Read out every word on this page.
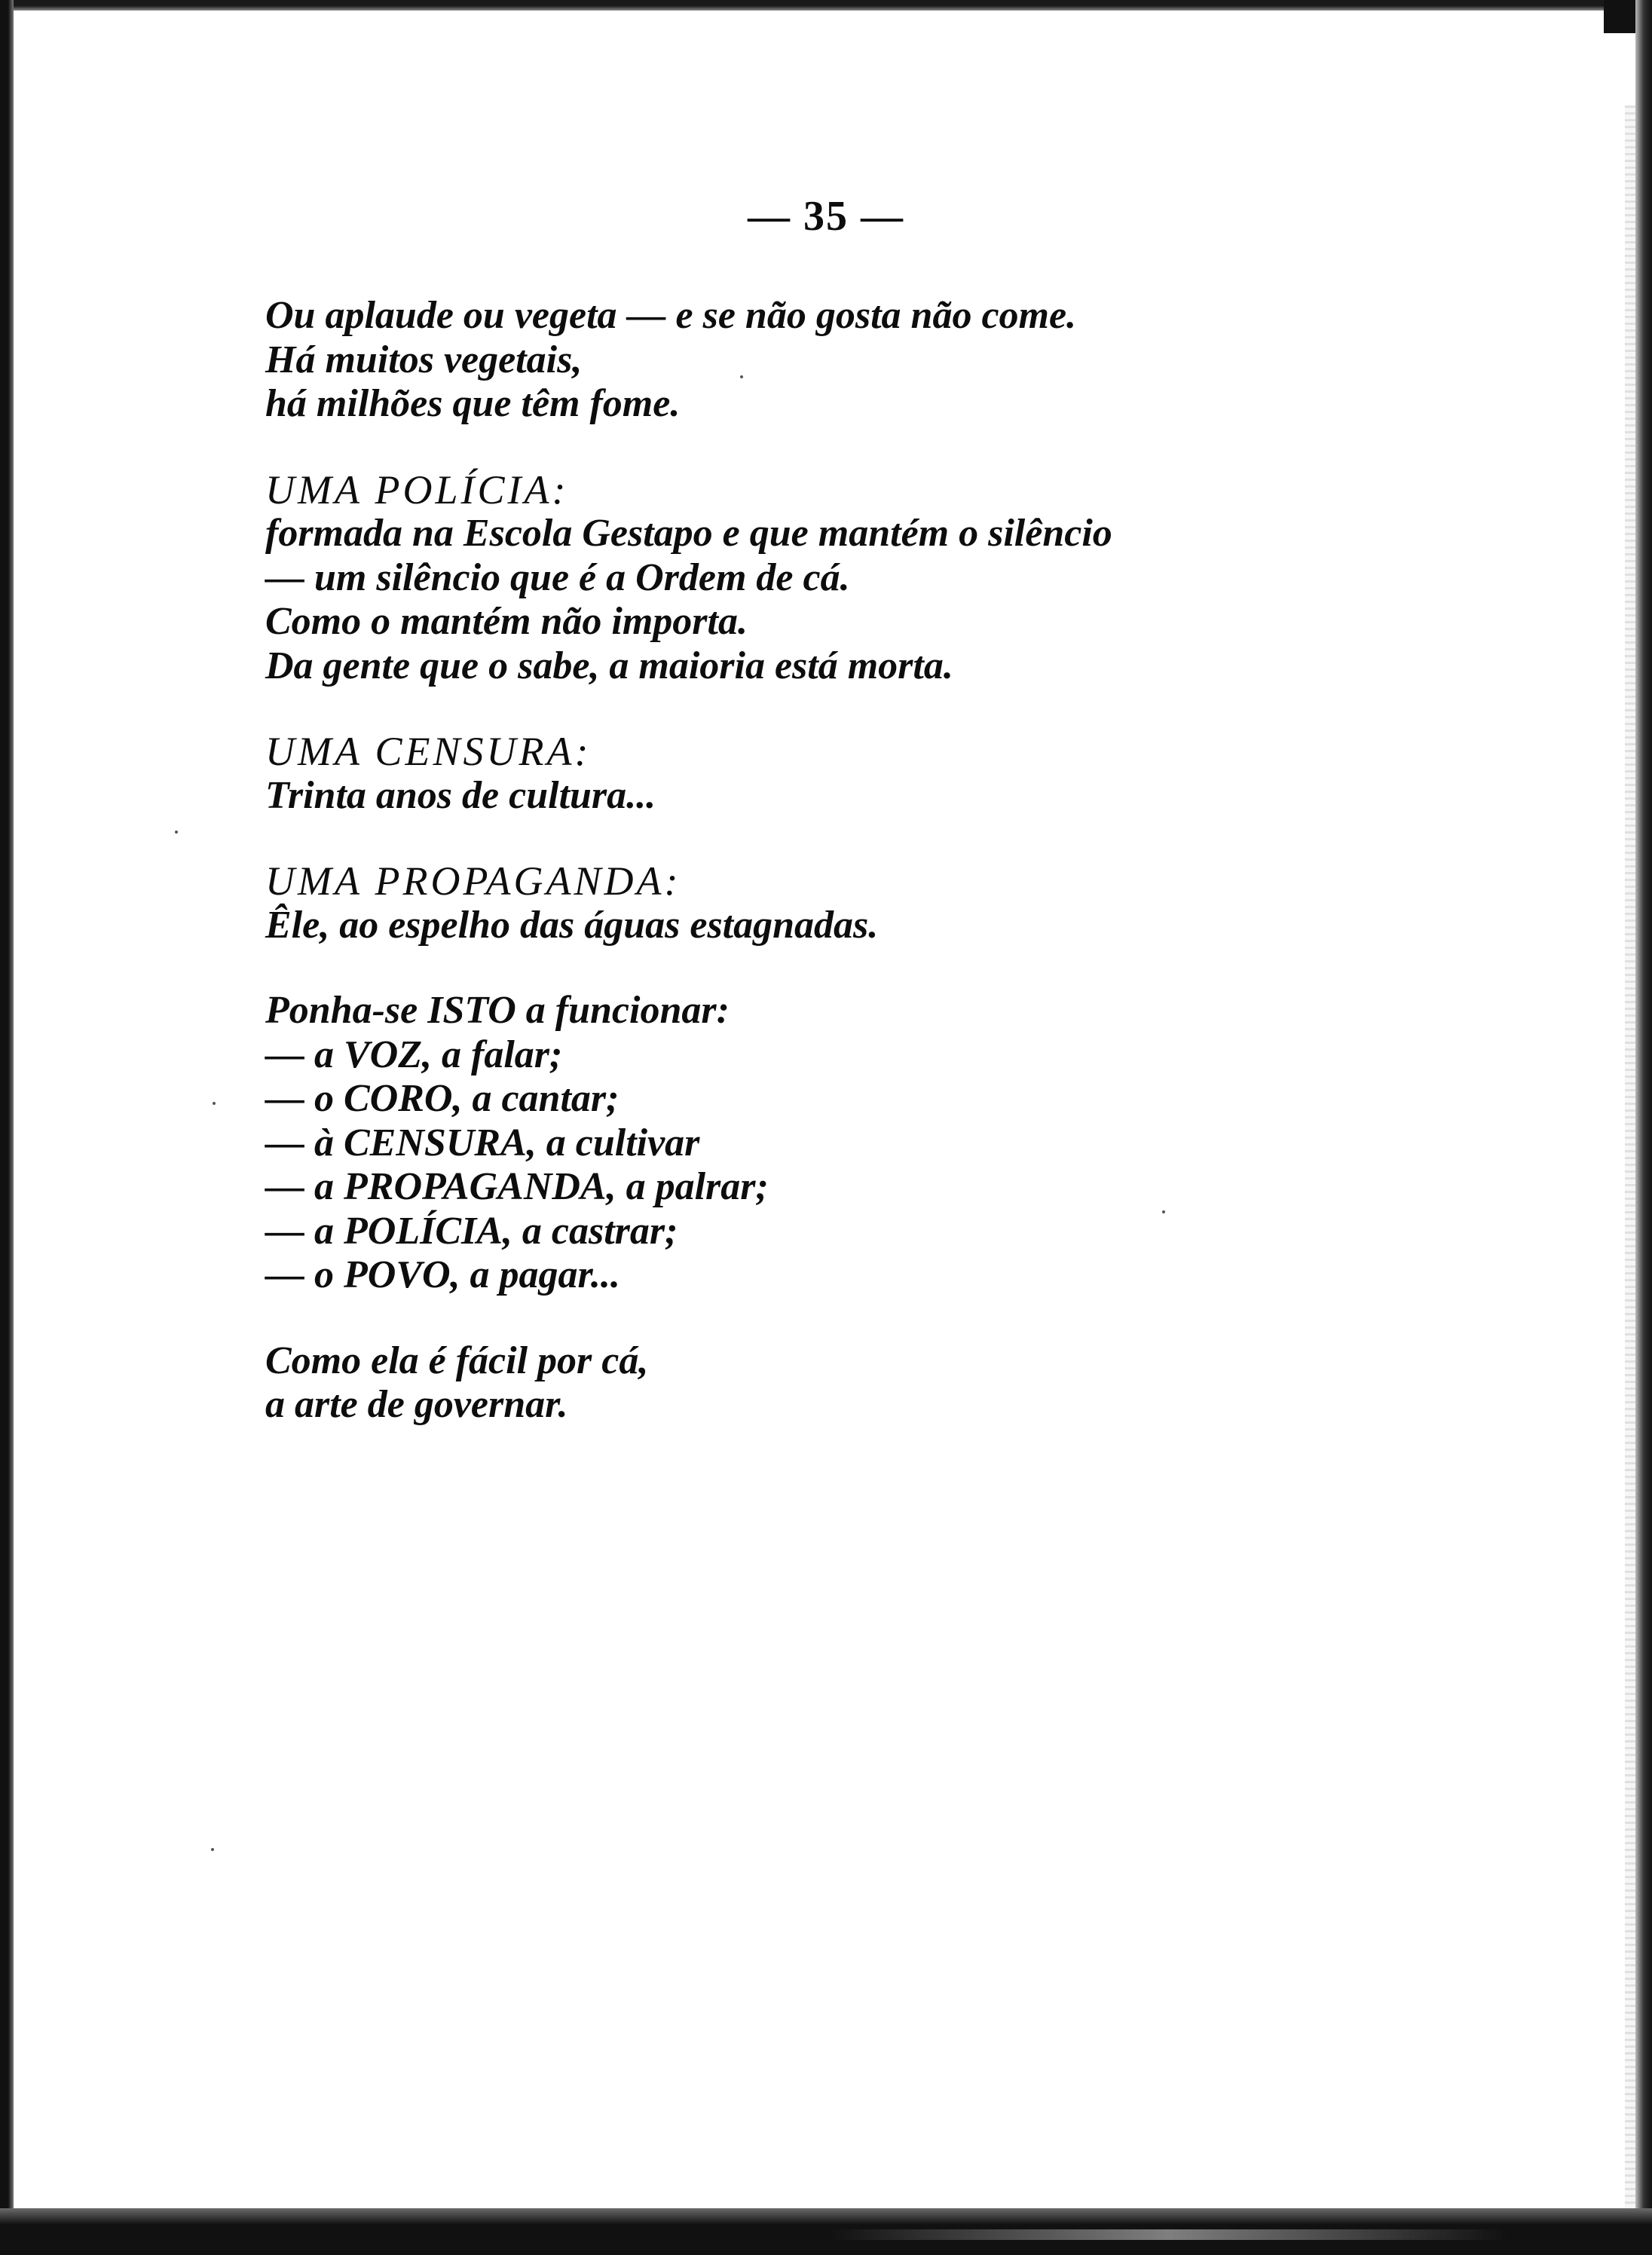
— 35 —
Ou aplaude ou vegeta — e se não gosta não come.
Há muitos vegetais,
há milhões que têm fome.
UMA POLÍCIA:
formada na Escola Gestapo e que mantém o silêncio
— um silêncio que é a Ordem de cá.
Como o mantém não importa.
Da gente que o sabe, a maioria está morta.
UMA CENSURA:
Trinta anos de cultura...
UMA PROPAGANDA:
Êle, ao espelho das águas estagnadas.
Ponha-se ISTO a funcionar:
— a VOZ, a falar;
— o CORO, a cantar;
— à CENSURA, a cultivar
— a PROPAGANDA, a palrar;
— a POLÍCIA, a castrar;
— o POVO, a pagar...
Como ela é fácil por cá,
a arte de governar.
